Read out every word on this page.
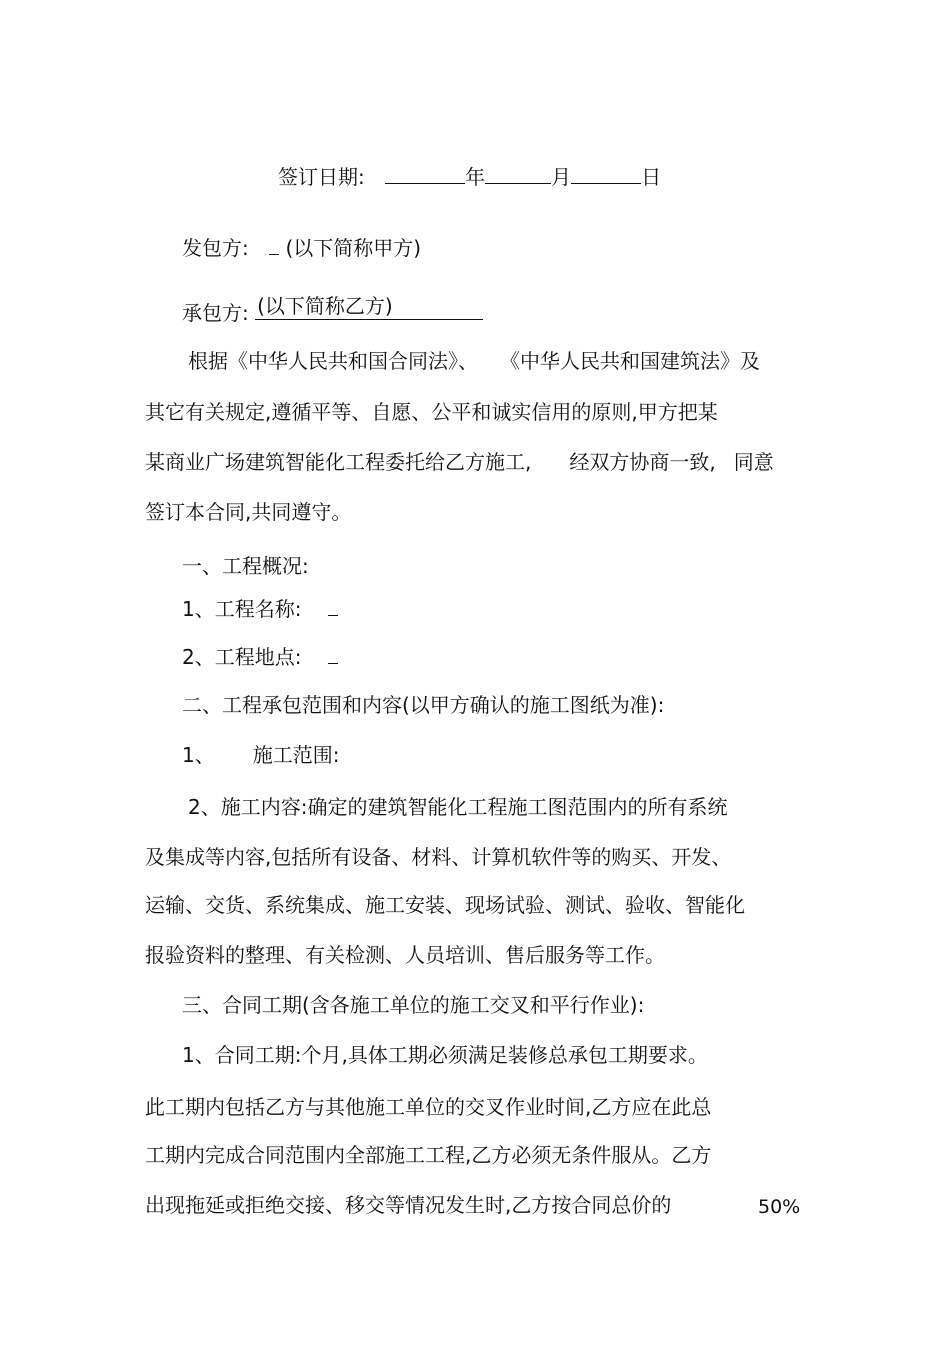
签订日期:	年	月	日
发包方: (以下简称甲方)
承包方: (以下简称乙方)
根据《中华人民共和国合同法》、 《中华人民共和国建筑法》及
其它有关规定,遵循平等、自愿、公平和诚实信用的原则,甲方把某
某商业广场建筑智能化工程委托给乙方施工, 经双方协商一致, 同意
签订本合同,共同遵守。
一、工程概况:
1、工程名称:
2、工程地点:
二、工程承包范围和内容(以甲方确认的施工图纸为准):
1、 施工范围:
2、施工内容:确定的建筑智能化工程施工图范围内的所有系统
及集成等内容,包括所有设备、材料、计算机软件等的购买、开发、
运输、交货、系统集成、施工安装、现场试验、测试、验收、智能化
报验资料的整理、有关检测、人员培训、售后服务等工作。
三、合同工期(含各施工单位的施工交叉和平行作业):
1、合同工期:个月,具体工期必须满足装修总承包工期要求。
此工期内包括乙方与其他施工单位的交叉作业时间,乙方应在此总
工期内完成合同范围内全部施工工程,乙方必须无条件服从。乙方
出现拖延或拒绝交接、移交等情况发生时,乙方按合同总价的	50%
